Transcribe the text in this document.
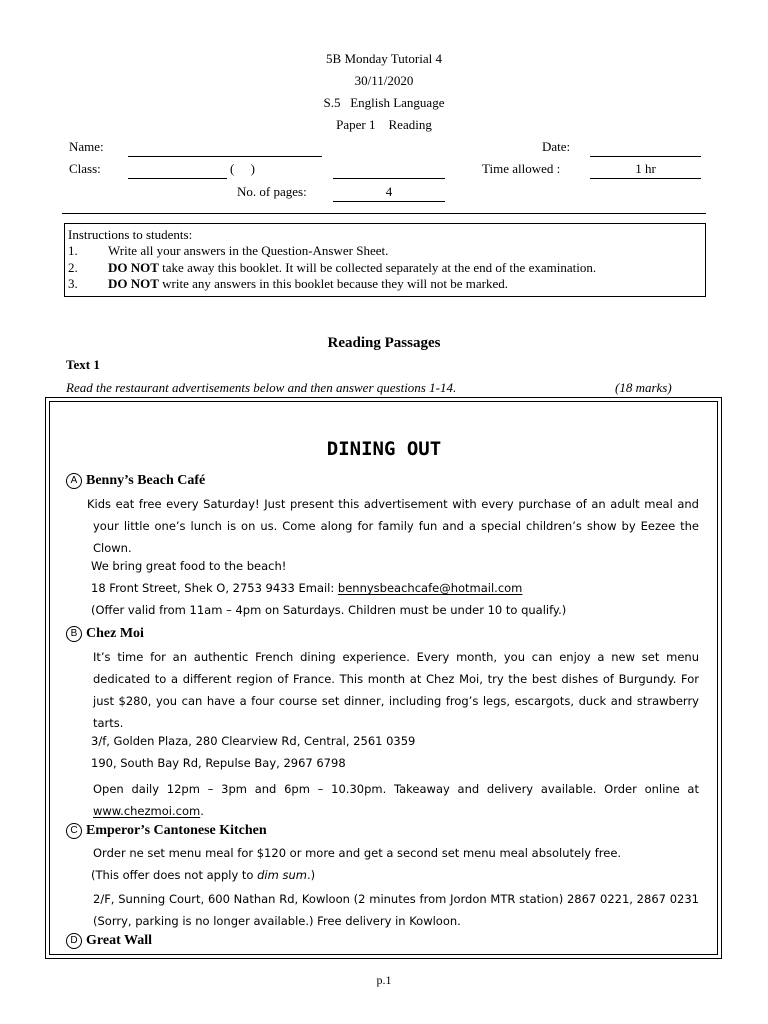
5B Monday Tutorial 4
30/11/2020
S.5   English Language
Paper 1    Reading
Name:	Date:
Class:	(     )	Time allowed :	1 hr
No. of pages:	4
Instructions to students:
1. Write all your answers in the Question-Answer Sheet.
2. DO NOT take away this booklet. It will be collected separately at the end of the examination.
3. DO NOT write any answers in this booklet because they will not be marked.
Reading Passages
Text 1
Read the restaurant advertisements below and then answer questions 1-14.	(18 marks)
DINING OUT
A Benny’s Beach Café
Kids eat free every Saturday! Just present this advertisement with every purchase of an adult meal and your little one’s lunch is on us. Come along for family fun and a special children’s show by Eezee the Clown.
We bring great food to the beach!
18 Front Street, Shek O, 2753 9433 Email: bennysbeachcafe@hotmail.com
(Offer valid from 11am – 4pm on Saturdays. Children must be under 10 to qualify.)
B Chez Moi
It’s time for an authentic French dining experience. Every month, you can enjoy a new set menu dedicated to a different region of France. This month at Chez Moi, try the best dishes of Burgundy. For just $280, you can have a four course set dinner, including frog’s legs, escargots, duck and strawberry tarts.
3/f, Golden Plaza, 280 Clearview Rd, Central, 2561 0359
190, South Bay Rd, Repulse Bay, 2967 6798
Open daily 12pm – 3pm and 6pm – 10.30pm. Takeaway and delivery available. Order online at www.chezmoi.com.
C Emperor’s Cantonese Kitchen
Order ne set menu meal for $120 or more and get a second set menu meal absolutely free.
(This offer does not apply to dim sum.)
2/F, Sunning Court, 600 Nathan Rd, Kowloon (2 minutes from Jordon MTR station) 2867 0221, 2867 0231 (Sorry, parking is no longer available.) Free delivery in Kowloon.
D Great Wall
p.1
